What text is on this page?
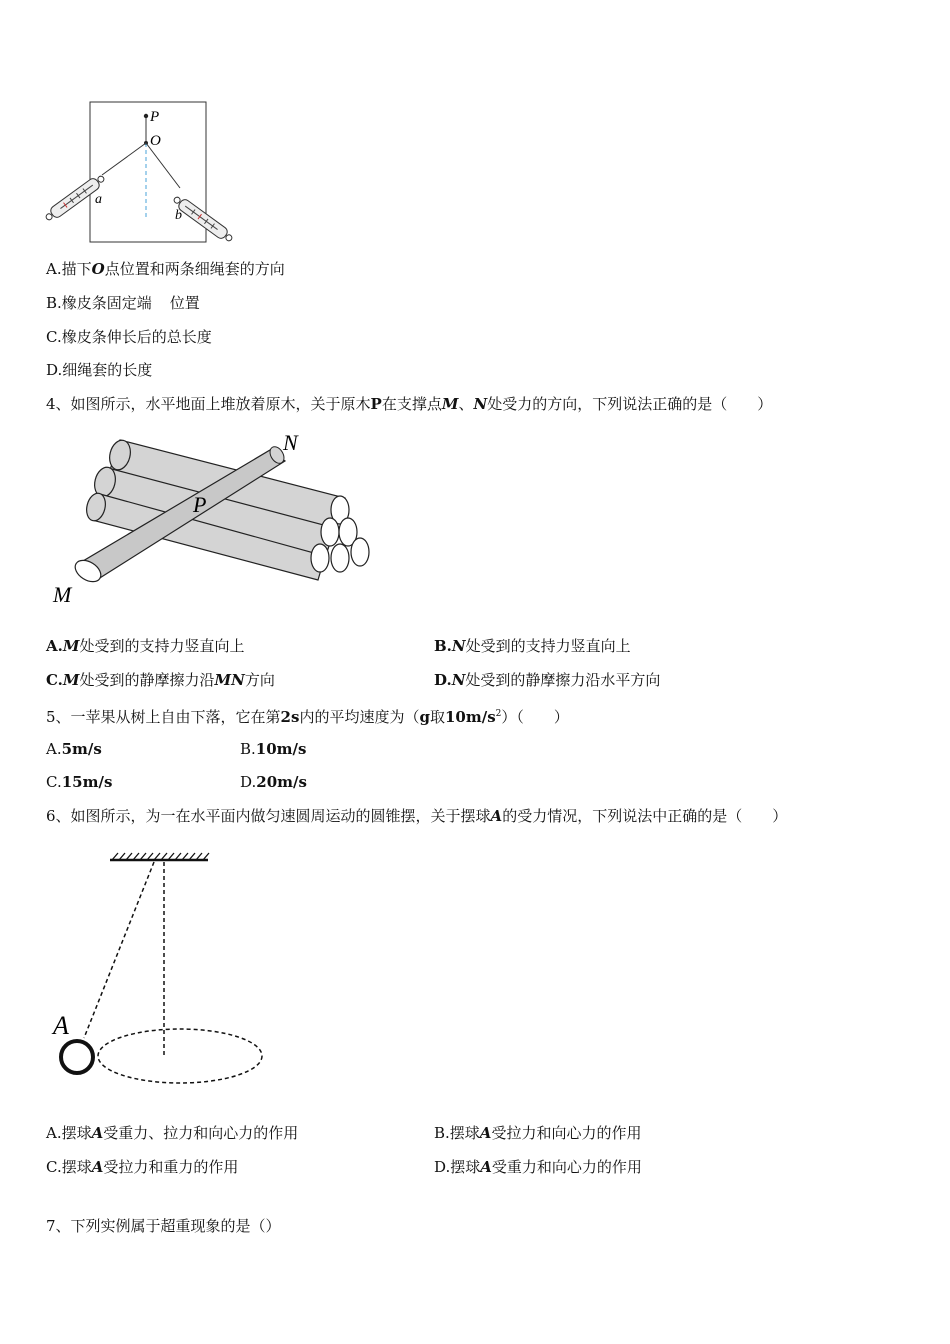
P
O
a
b
A.描下O点位置和两条细绳套的方向
B.橡皮条固定端 位置
C.橡皮条伸长后的总长度
D.细绳套的长度
4、如图所示，水平地面上堆放着原木，关于原木P在支撑点M、N处受力的方向，下列说法正确的是（　　）
N
P
M
A.M处受到的支持力竖直向上	B.N处受到的支持力竖直向上
C.M处受到的静摩擦力沿MN方向	D.N处受到的静摩擦力沿水平方向
5、一苹果从树上自由下落，它在第2s内的平均速度为（g取$10m/s^2$）（　　）
A.5m/s	B.10m/s
C.15m/s	D.20m/s
6、如图所示，为一在水平面内做匀速圆周运动的圆锥摆，关于摆球A的受力情况，下列说法中正确的是（　　）
A
A.摆球A受重力、拉力和向心力的作用	B.摆球A受拉力和向心力的作用
C.摆球A受拉力和重力的作用	D.摆球A受重力和向心力的作用
7、下列实例属于超重现象的是（）
